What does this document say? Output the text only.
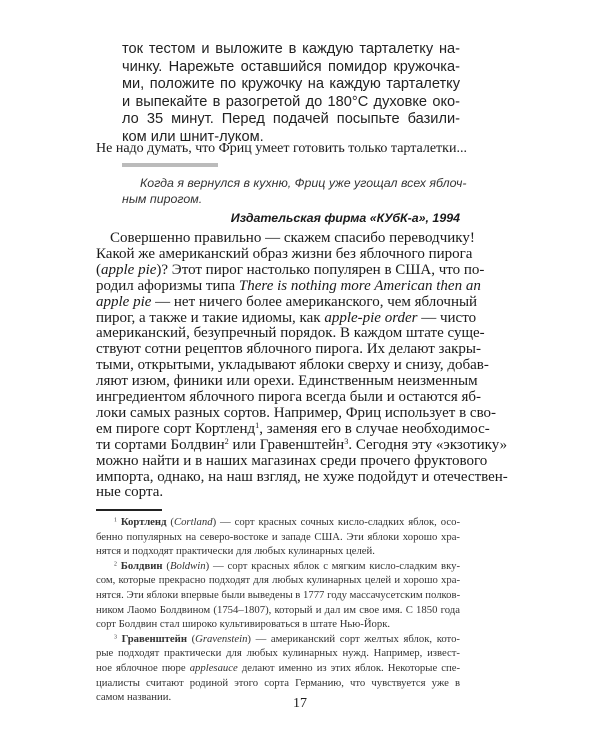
ток тестом и выложите в каждую тарталетку на-
чинку. Нарежьте оставшийся помидор кружочка-
ми, положите по кружочку на каждую тарталетку
и выпекайте в разогретой до 180°С духовке око-
ло 35 минут. Перед подачей посыпьте базили-
ком или шнит-луком.
Не надо думать, что Фриц умеет готовить только тарталетки...
Когда я вернулся в кухню, Фриц уже угощал всех яблоч-
ным пирогом.
Издательская фирма «КУбК-а», 1994
Совершенно правильно — скажем спасибо переводчику!
Какой же американский образ жизни без яблочного пирога
(apple pie)? Этот пирог настолько популярен в США, что по-
родил афоризмы типа There is nothing more American then an
apple pie — нет ничего более американского, чем яблочный
пирог, а также и такие идиомы, как apple-pie order — чисто
американский, безупречный порядок. В каждом штате суще-
ствуют сотни рецептов яблочного пирога. Их делают закры-
тыми, открытыми, укладывают яблоки сверху и снизу, добав-
ляют изюм, финики или орехи. Единственным неизменным
ингредиентом яблочного пирога всегда были и остаются яб-
локи самых разных сортов. Например, Фриц использует в сво-
ем пироге сорт Кортленд$^1$, заменяя его в случае необходимос-
ти сортами Болдвин$^2$ или Гравенштейн$^3$. Сегодня эту «экзотику»
можно найти и в наших магазинах среди прочего фруктового
импорта, однако, на наш взгляд, не хуже подойдут и отечествен-
ные сорта.
$^1$ Кортленд (Cortland) — сорт красных сочных кисло-сладких яблок, осо-
бенно популярных на северо-востоке и западе США. Эти яблоки хорошо хра-
нятся и подходят практически для любых кулинарных целей.
$^2$ Болдвин (Boldwin) — сорт красных яблок с мягким кисло-сладким вку-
сом, которые прекрасно подходят для любых кулинарных целей и хорошо хра-
нятся. Эти яблоки впервые были выведены в 1777 году массачусетским полков-
ником Лаомо Болдвином (1754–1807), который и дал им свое имя. С 1850 года
сорт Болдвин стал широко культивироваться в штате Нью-Йорк.
$^3$ Гравенштейн (Gravenstein) — американский сорт желтых яблок, кото-
рые подходят практически для любых кулинарных нужд. Например, извест-
ное яблочное пюре applesauce делают именно из этих яблок. Некоторые спе-
циалисты считают родиной этого сорта Германию, что чувствуется уже в
самом названии.	17
